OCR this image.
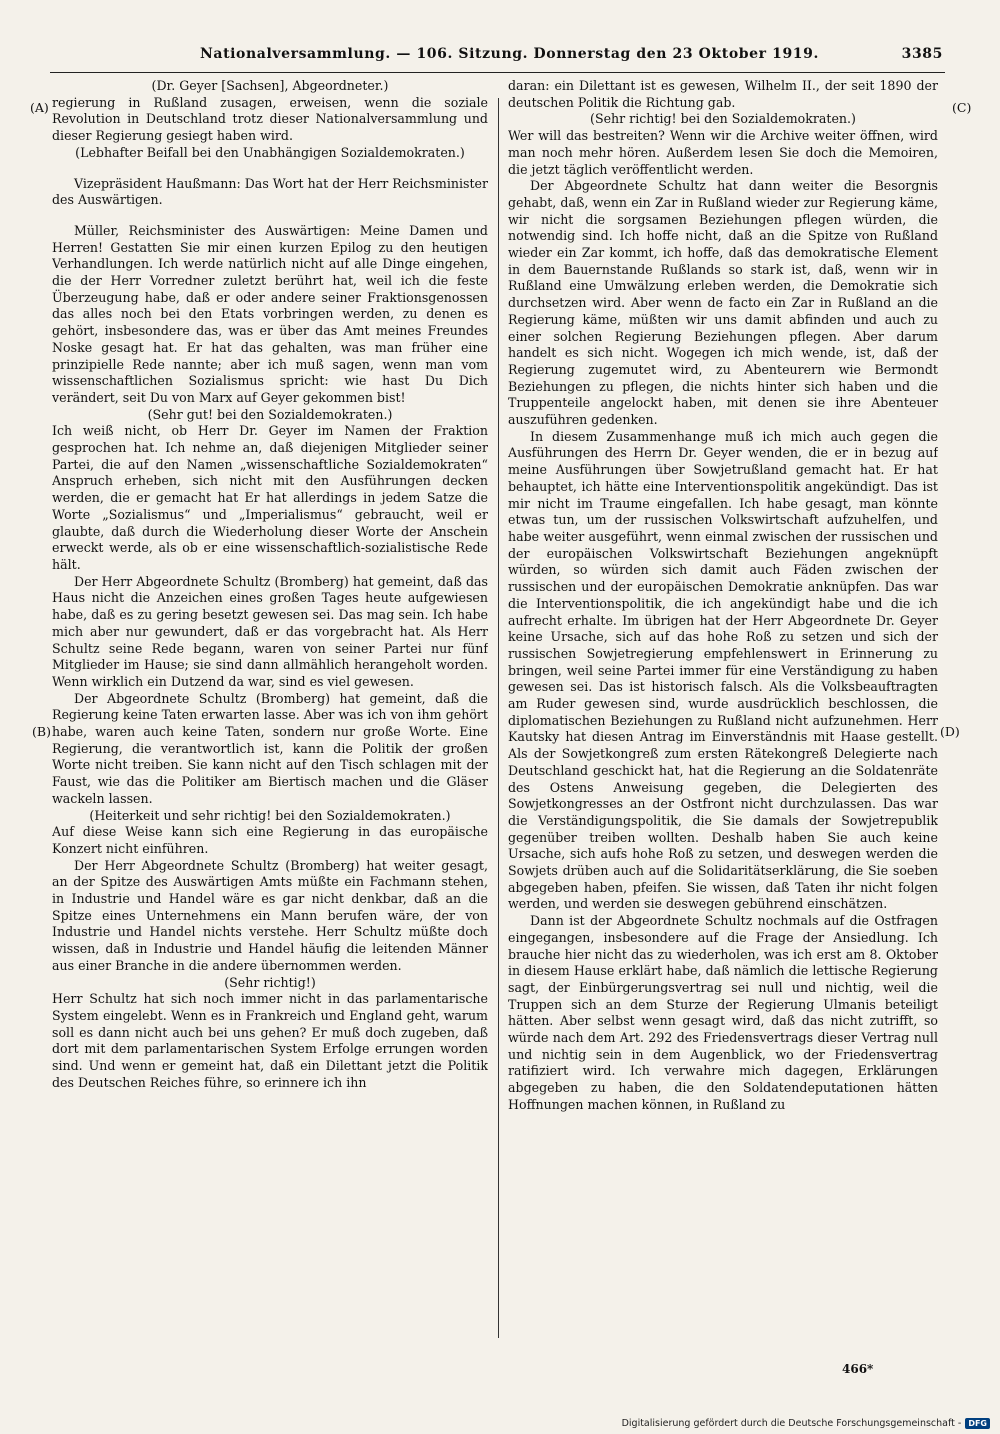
Nationalversammlung. — 106. Sitzung. Donnerstag den 23 Oktober 1919.	3385
(A)
(B)
(C)
(D)

(Dr. Geyer [Sachsen], Abgeordneter.)

regierung in Rußland zusagen, erweisen, wenn die soziale Revolution in Deutschland trotz dieser Nationalversammlung und dieser Regierung gesiegt haben wird.

(Lebhafter Beifall bei den Unabhängigen Sozialdemokraten.)

Vizepräsident Haußmann: Das Wort hat der Herr Reichsminister des Auswärtigen.

Müller, Reichsminister des Auswärtigen: Meine Damen und Herren! Gestatten Sie mir einen kurzen Epilog zu den heutigen Verhandlungen. Ich werde natürlich nicht auf alle Dinge eingehen, die der Herr Vorredner zuletzt berührt hat, weil ich die feste Überzeugung habe, daß er oder andere seiner Fraktionsgenossen das alles noch bei den Etats vorbringen werden, zu denen es gehört, insbesondere das, was er über das Amt meines Freundes Noske gesagt hat. Er hat das gehalten, was man früher eine prinzipielle Rede nannte; aber ich muß sagen, wenn man vom wissenschaftlichen Sozialismus spricht: wie hast Du Dich verändert, seit Du von Marx auf Geyer gekommen bist!

(Sehr gut! bei den Sozialdemokraten.)

Ich weiß nicht, ob Herr Dr. Geyer im Namen der Fraktion gesprochen hat. Ich nehme an, daß diejenigen Mitglieder seiner Partei, die auf den Namen „wissenschaftliche Sozialdemokraten“ Anspruch erheben, sich nicht mit den Ausführungen decken werden, die er gemacht hat Er hat allerdings in jedem Satze die Worte „Sozialismus“ und „Imperialismus“ gebraucht, weil er glaubte, daß durch die Wiederholung dieser Worte der Anschein erweckt werde, als ob er eine wissenschaftlich-sozialistische Rede hält.

Der Herr Abgeordnete Schultz (Bromberg) hat gemeint, daß das Haus nicht die Anzeichen eines großen Tages heute aufgewiesen habe, daß es zu gering besetzt gewesen sei. Das mag sein. Ich habe mich aber nur gewundert, daß er das vorgebracht hat. Als Herr Schultz seine Rede begann, waren von seiner Partei nur fünf Mitglieder im Hause; sie sind dann allmählich herangeholt worden. Wenn wirklich ein Dutzend da war, sind es viel gewesen.

Der Abgeordnete Schultz (Bromberg) hat gemeint, daß die Regierung keine Taten erwarten lasse. Aber was ich von ihm gehört habe, waren auch keine Taten, sondern nur große Worte. Eine Regierung, die verantwortlich ist, kann die Politik der großen Worte nicht treiben. Sie kann nicht auf den Tisch schlagen mit der Faust, wie das die Politiker am Biertisch machen und die Gläser wackeln lassen.

(Heiterkeit und sehr richtig! bei den Sozialdemokraten.)

Auf diese Weise kann sich eine Regierung in das europäische Konzert nicht einführen.

Der Herr Abgeordnete Schultz (Bromberg) hat weiter gesagt, an der Spitze des Auswärtigen Amts müßte ein Fachmann stehen, in Industrie und Handel wäre es gar nicht denkbar, daß an die Spitze eines Unternehmens ein Mann berufen wäre, der von Industrie und Handel nichts verstehe. Herr Schultz müßte doch wissen, daß in Industrie und Handel häufig die leitenden Männer aus einer Branche in die andere übernommen werden.

(Sehr richtig!)

Herr Schultz hat sich noch immer nicht in das parlamentarische System eingelebt. Wenn es in Frankreich und England geht, warum soll es dann nicht auch bei uns gehen? Er muß doch zugeben, daß dort mit dem parlamentarischen System Erfolge errungen worden sind. Und wenn er gemeint hat, daß ein Dilettant jetzt die Politik des Deutschen Reiches führe, so erinnere ich ihn

daran: ein Dilettant ist es gewesen, Wilhelm II., der seit 1890 der deutschen Politik die Richtung gab.

(Sehr richtig! bei den Sozialdemokraten.)

Wer will das bestreiten? Wenn wir die Archive weiter öffnen, wird man noch mehr hören. Außerdem lesen Sie doch die Memoiren, die jetzt täglich veröffentlicht werden.

Der Abgeordnete Schultz hat dann weiter die Besorgnis gehabt, daß, wenn ein Zar in Rußland wieder zur Regierung käme, wir nicht die sorgsamen Beziehungen pflegen würden, die notwendig sind. Ich hoffe nicht, daß an die Spitze von Rußland wieder ein Zar kommt, ich hoffe, daß das demokratische Element in dem Bauernstande Rußlands so stark ist, daß, wenn wir in Rußland eine Umwälzung erleben werden, die Demokratie sich durchsetzen wird. Aber wenn de facto ein Zar in Rußland an die Regierung käme, müßten wir uns damit abfinden und auch zu einer solchen Regierung Beziehungen pflegen. Aber darum handelt es sich nicht. Wogegen ich mich wende, ist, daß der Regierung zugemutet wird, zu Abenteurern wie Bermondt Beziehungen zu pflegen, die nichts hinter sich haben und die Truppenteile angelockt haben, mit denen sie ihre Abenteuer auszuführen gedenken.

In diesem Zusammenhange muß ich mich auch gegen die Ausführungen des Herrn Dr. Geyer wenden, die er in bezug auf meine Ausführungen über Sowjetrußland gemacht hat. Er hat behauptet, ich hätte eine Interventionspolitik angekündigt. Das ist mir nicht im Traume eingefallen. Ich habe gesagt, man könnte etwas tun, um der russischen Volkswirtschaft aufzuhelfen, und habe weiter ausgeführt, wenn einmal zwischen der russischen und der europäischen Volkswirtschaft Beziehungen angeknüpft würden, so würden sich damit auch Fäden zwischen der russischen und der europäischen Demokratie anknüpfen. Das war die Interventionspolitik, die ich angekündigt habe und die ich aufrecht erhalte. Im übrigen hat der Herr Abgeordnete Dr. Geyer keine Ursache, sich auf das hohe Roß zu setzen und sich der russischen Sowjetregierung empfehlenswert in Erinnerung zu bringen, weil seine Partei immer für eine Verständigung zu haben gewesen sei. Das ist historisch falsch. Als die Volksbeauftragten am Ruder gewesen sind, wurde ausdrücklich beschlossen, die diplomatischen Beziehungen zu Rußland nicht aufzunehmen. Herr Kautsky hat diesen Antrag im Einverständnis mit Haase gestellt. Als der Sowjetkongreß zum ersten Rätekongreß Delegierte nach Deutschland geschickt hat, hat die Regierung an die Soldatenräte des Ostens Anweisung gegeben, die Delegierten des Sowjetkongresses an der Ostfront nicht durchzulassen. Das war die Verständigungspolitik, die Sie damals der Sowjetrepublik gegenüber treiben wollten. Deshalb haben Sie auch keine Ursache, sich aufs hohe Roß zu setzen, und deswegen werden die Sowjets drüben auch auf die Solidaritätserklärung, die Sie soeben abgegeben haben, pfeifen. Sie wissen, daß Taten ihr nicht folgen werden, und werden sie deswegen gebührend einschätzen.

Dann ist der Abgeordnete Schultz nochmals auf die Ostfragen eingegangen, insbesondere auf die Frage der Ansiedlung. Ich brauche hier nicht das zu wiederholen, was ich erst am 8. Oktober in diesem Hause erklärt habe, daß nämlich die lettische Regierung sagt, der Einbürgerungsvertrag sei null und nichtig, weil die Truppen sich an dem Sturze der Regierung Ulmanis beteiligt hätten. Aber selbst wenn gesagt wird, daß das nicht zutrifft, so würde nach dem Art. 292 des Friedensvertrags dieser Vertrag null und nichtig sein in dem Augenblick, wo der Friedensvertrag ratifiziert wird. Ich verwahre mich dagegen, Erklärungen abgegeben zu haben, die den Soldatendeputationen hätten Hoffnungen machen können, in Rußland zu

466*
Digitalisierung gefördert durch die Deutsche Forschungsgemeinschaft - DFG
